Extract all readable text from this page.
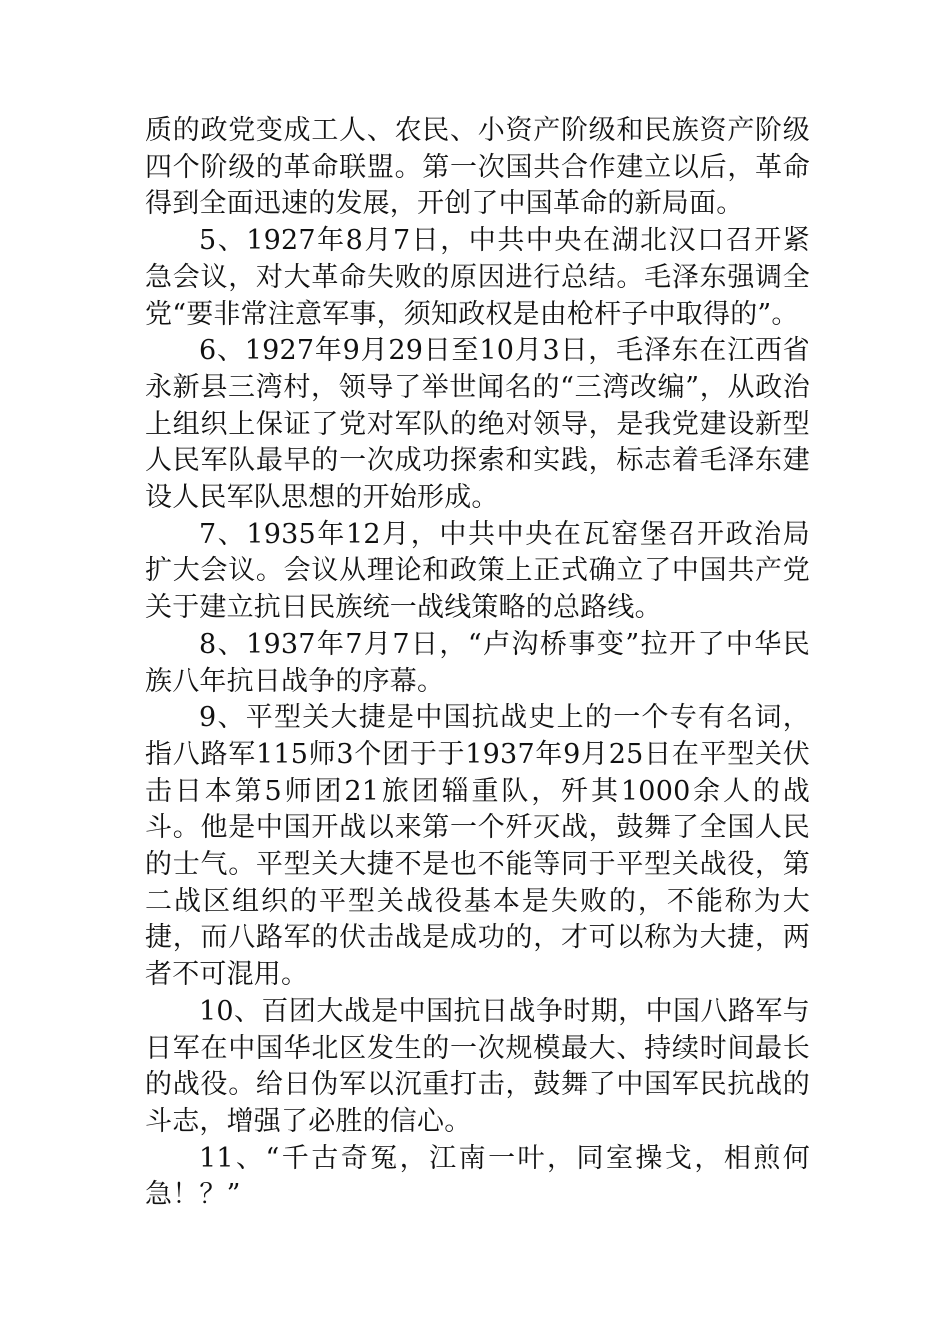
质的政党变成工人、农民、小资产阶级和民族资产阶级四个阶级的革命联盟。第一次国共合作建立以后，革命得到全面迅速的发展，开创了中国革命的新局面。

5、1927年8月7日，中共中央在湖北汉口召开紧急会议，对大革命失败的原因进行总结。毛泽东强调全党“要非常注意军事，须知政权是由枪杆子中取得的”。

6、1927年9月29日至10月3日，毛泽东在江西省永新县三湾村，领导了举世闻名的“三湾改编”，从政治上组织上保证了党对军队的绝对领导，是我党建设新型人民军队最早的一次成功探索和实践，标志着毛泽东建设人民军队思想的开始形成。

7、1935年12月，中共中央在瓦窑堡召开政治局扩大会议。会议从理论和政策上正式确立了中国共产党关于建立抗日民族统一战线策略的总路线。

8、1937年7月7日，“卢沟桥事变”拉开了中华民族八年抗日战争的序幕。

9、平型关大捷是中国抗战史上的一个专有名词，指八路军115师3个团于于1937年9月25日在平型关伏击日本第5师团21旅团辎重队，歼其1000余人的战斗。他是中国开战以来第一个歼灭战，鼓舞了全国人民的士气。平型关大捷不是也不能等同于平型关战役，第二战区组织的平型关战役基本是失败的，不能称为大捷，而八路军的伏击战是成功的，才可以称为大捷，两者不可混用。

10、百团大战是中国抗日战争时期，中国八路军与日军在中国华北区发生的一次规模最大、持续时间最长的战役。给日伪军以沉重打击，鼓舞了中国军民抗战的斗志，增强了必胜的信心。

11、“千古奇冤，江南一叶，同室操戈，相煎何急！？”
